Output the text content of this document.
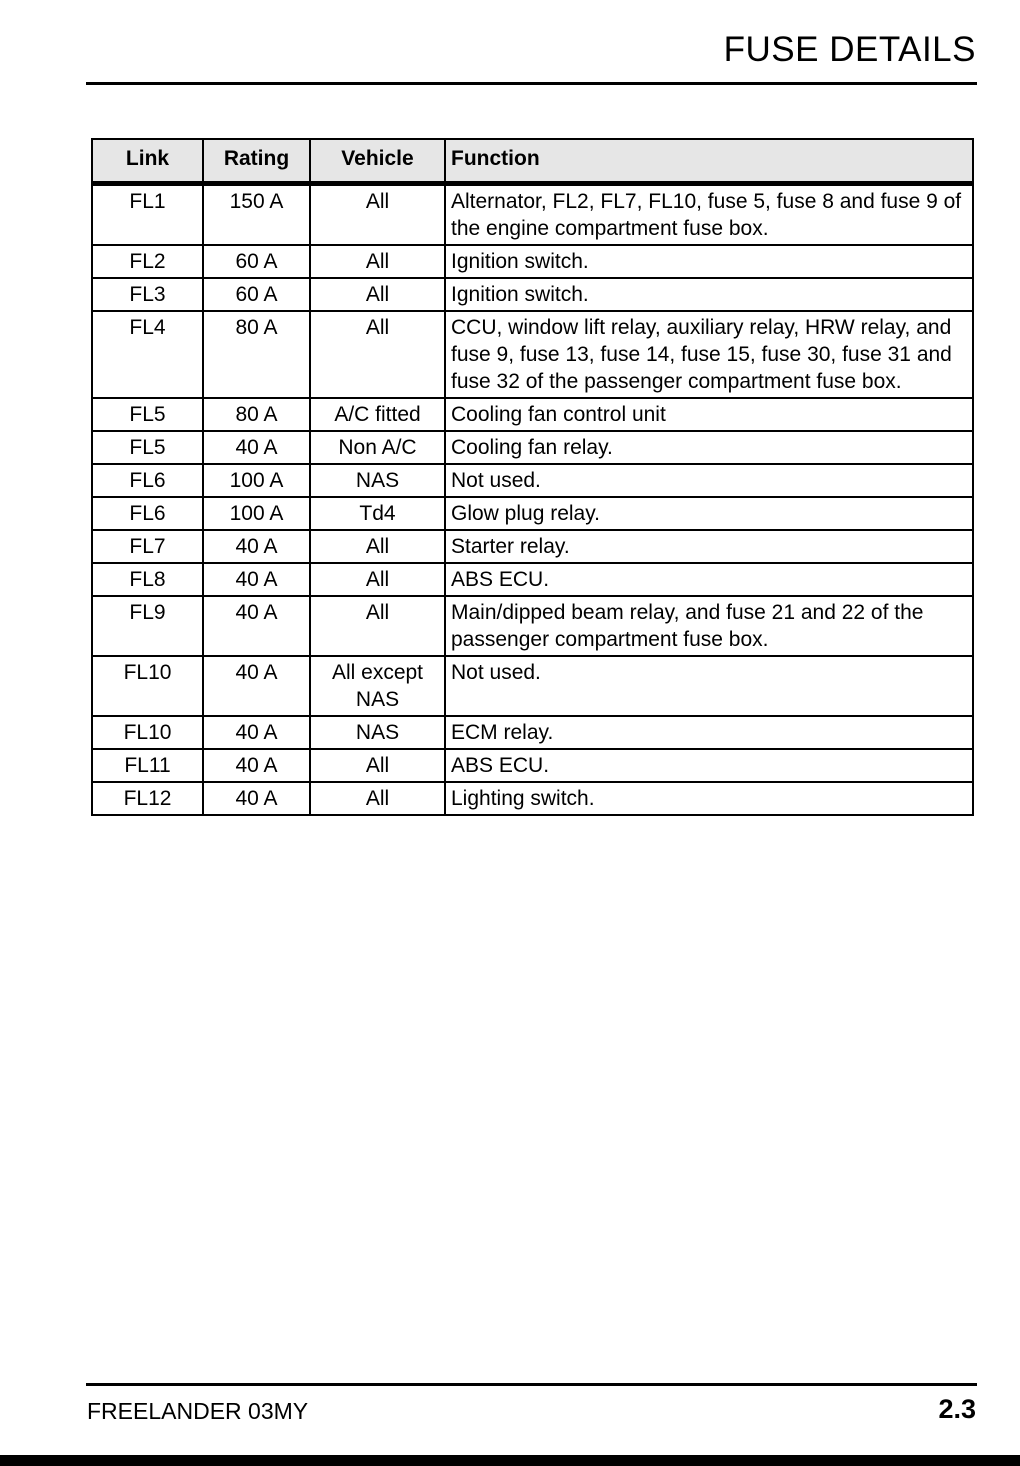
FUSE DETAILS
Link	Rating	Vehicle	Function
FL1	150 A	All	Alternator, FL2, FL7, FL10, fuse 5, fuse 8 and fuse 9 of the engine compartment fuse box.
FL2	60 A	All	Ignition switch.
FL3	60 A	All	Ignition switch.
FL4	80 A	All	CCU, window lift relay, auxiliary relay, HRW relay, and fuse 9, fuse 13, fuse 14, fuse 15, fuse 30, fuse 31 and fuse 32 of the passenger compartment fuse box.
FL5	80 A	A/C fitted	Cooling fan control unit
FL5	40 A	Non A/C	Cooling fan relay.
FL6	100 A	NAS	Not used.
FL6	100 A	Td4	Glow plug relay.
FL7	40 A	All	Starter relay.
FL8	40 A	All	ABS ECU.
FL9	40 A	All	Main/dipped beam relay, and fuse 21 and 22 of the passenger compartment fuse box.
FL10	40 A	All except NAS	Not used.
FL10	40 A	NAS	ECM relay.
FL11	40 A	All	ABS ECU.
FL12	40 A	All	Lighting switch.
FREELANDER 03MY	2.3
